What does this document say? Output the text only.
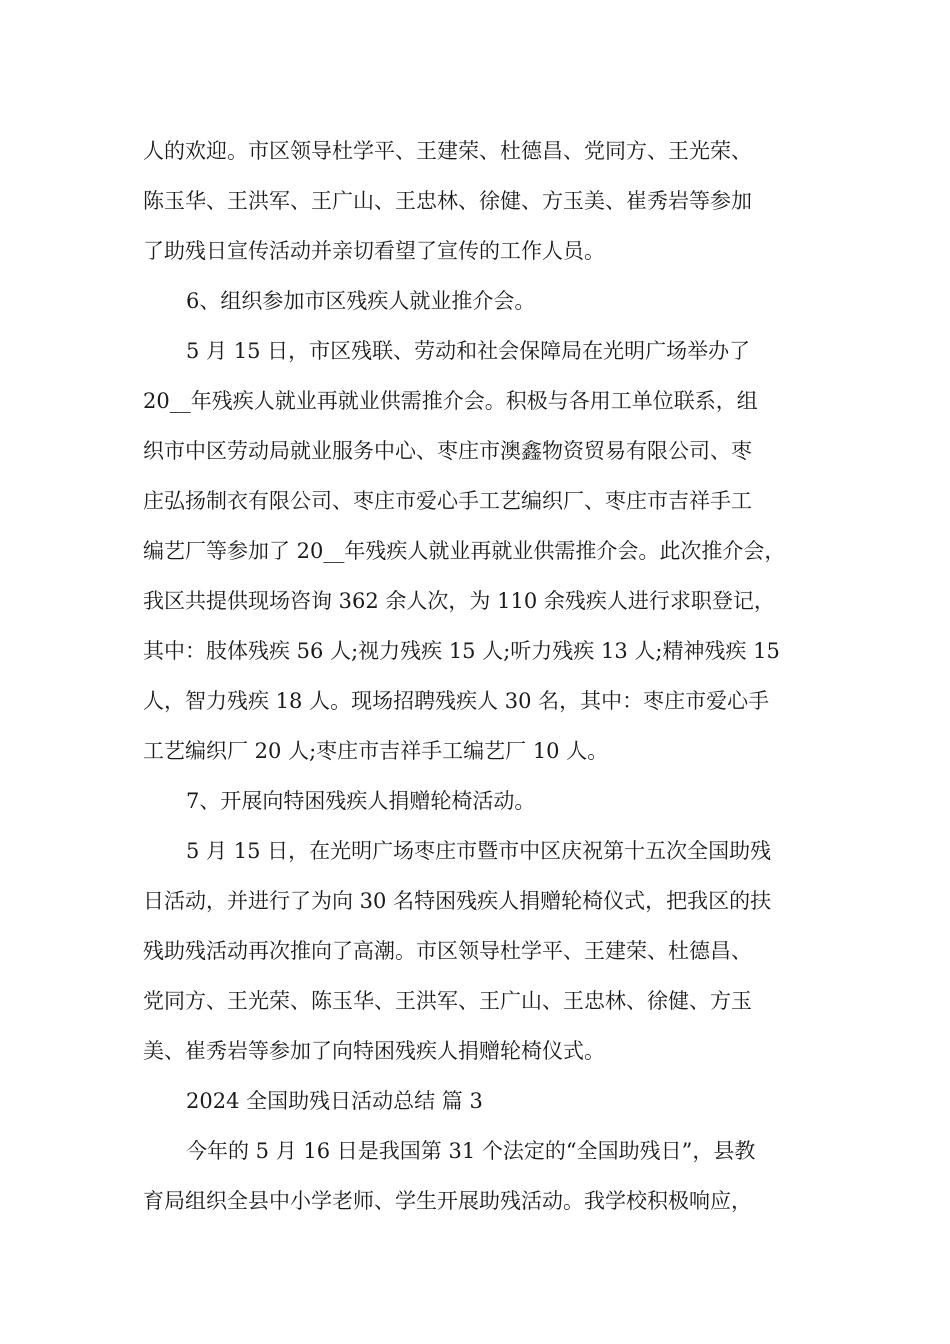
人的欢迎。市区领导杜学平、王建荣、杜德昌、党同方、王光荣、
陈玉华、王洪军、王广山、王忠林、徐健、方玉美、崔秀岩等参加
了助残日宣传活动并亲切看望了宣传的工作人员。
6、组织参加市区残疾人就业推介会。
5 月 15 日，市区残联、劳动和社会保障局在光明广场举办了
20__年残疾人就业再就业供需推介会。积极与各用工单位联系，组
织市中区劳动局就业服务中心、枣庄市澳鑫物资贸易有限公司、枣
庄弘扬制衣有限公司、枣庄市爱心手工艺编织厂、枣庄市吉祥手工
编艺厂等参加了 20__年残疾人就业再就业供需推介会。此次推介会，
我区共提供现场咨询 362 余人次，为 110 余残疾人进行求职登记，
其中：肢体残疾 56 人;视力残疾 15 人;听力残疾 13 人;精神残疾 15
人，智力残疾 18 人。现场招聘残疾人 30 名，其中：枣庄市爱心手
工艺编织厂 20 人;枣庄市吉祥手工编艺厂 10 人。
7、开展向特困残疾人捐赠轮椅活动。
5 月 15 日，在光明广场枣庄市暨市中区庆祝第十五次全国助残
日活动，并进行了为向 30 名特困残疾人捐赠轮椅仪式，把我区的扶
残助残活动再次推向了高潮。市区领导杜学平、王建荣、杜德昌、
党同方、王光荣、陈玉华、王洪军、王广山、王忠林、徐健、方玉
美、崔秀岩等参加了向特困残疾人捐赠轮椅仪式。
2024 全国助残日活动总结 篇 3
今年的 5 月 16 日是我国第 31 个法定的“全国助残日”，县教
育局组织全县中小学老师、学生开展助残活动。我学校积极响应，
